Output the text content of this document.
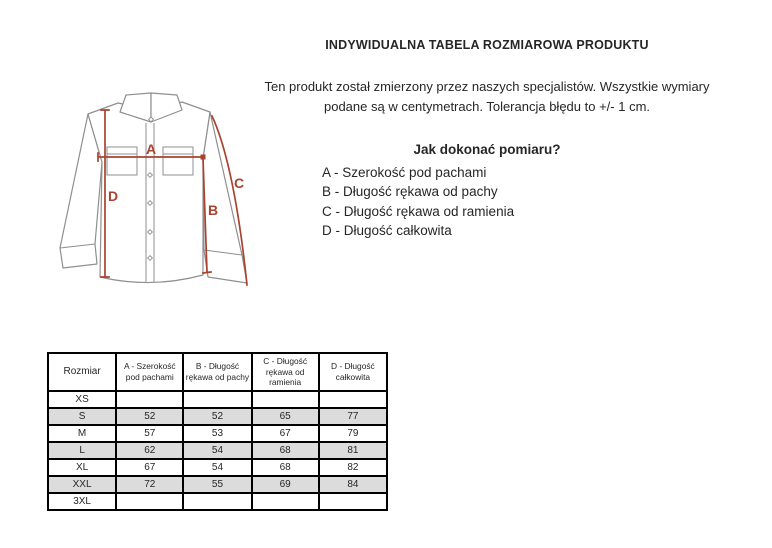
INDYWIDUALNA TABELA ROZMIAROWA PRODUKTU
Ten produkt został zmierzony przez naszych specjalistów. Wszystkie wymiary podane są w centymetrach. Tolerancja błędu to +/- 1 cm.
Jak dokonać pomiaru?
A - Szerokość pod pachami
B - Długość rękawa od pachy
C - Długość rękawa od ramienia
D - Długość całkowita
A
B
C
D
Rozmiar	A - Szerokość pod pachami	B - Długość rękawa od pachy	C - Długość rękawa od ramienia	D - Długość całkowita
XS				
S	52	52	65	77
M	57	53	67	79
L	62	54	68	81
XL	67	54	68	82
XXL	72	55	69	84
3XL				
